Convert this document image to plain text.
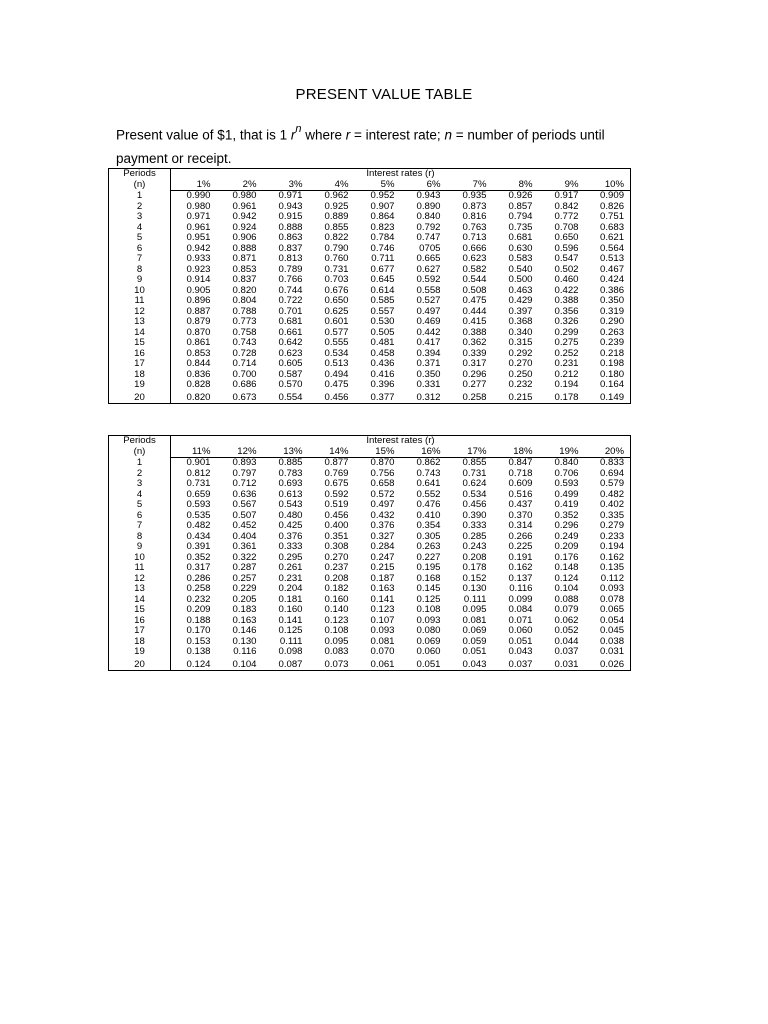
PRESENT VALUE TABLE
Present value of $1, that is 1 $r^n$ where r = interest rate; n = number of periods until
payment or receipt.
Periods	Interest rates (r)									
(n)	1%	2%	3%	4%	5%	6%	7%	8%	9%	10%
1	0.990	0.980	0.971	0.962	0.952	0.943	0.935	0.926	0.917	0.909
2	0.980	0.961	0.943	0.925	0.907	0.890	0.873	0.857	0.842	0.826
3	0.971	0.942	0.915	0.889	0.864	0.840	0.816	0.794	0.772	0.751
4	0.961	0.924	0.888	0.855	0.823	0.792	0.763	0.735	0.708	0.683
5	0.951	0.906	0.863	0.822	0.784	0.747	0.713	0.681	0.650	0.621
6	0.942	0.888	0.837	0.790	0.746	0705	0.666	0.630	0.596	0.564
7	0.933	0.871	0.813	0.760	0.711	0.665	0.623	0.583	0.547	0.513
8	0.923	0.853	0.789	0.731	0.677	0.627	0.582	0.540	0.502	0.467
9	0.914	0.837	0.766	0.703	0.645	0.592	0.544	0.500	0.460	0.424
10	0.905	0.820	0.744	0.676	0.614	0.558	0.508	0.463	0.422	0.386
11	0.896	0.804	0.722	0.650	0.585	0.527	0.475	0.429	0.388	0.350
12	0.887	0.788	0.701	0.625	0.557	0.497	0.444	0.397	0.356	0.319
13	0.879	0.773	0.681	0.601	0.530	0.469	0.415	0.368	0.326	0.290
14	0.870	0.758	0.661	0.577	0.505	0.442	0.388	0.340	0.299	0.263
15	0.861	0.743	0.642	0.555	0.481	0.417	0.362	0.315	0.275	0.239
16	0.853	0.728	0.623	0.534	0.458	0.394	0.339	0.292	0.252	0.218
17	0.844	0.714	0.605	0.513	0.436	0.371	0.317	0.270	0.231	0.198
18	0.836	0.700	0.587	0.494	0.416	0.350	0.296	0.250	0.212	0.180
19	0.828	0.686	0.570	0.475	0.396	0.331	0.277	0.232	0.194	0.164
20	0.820	0.673	0.554	0.456	0.377	0.312	0.258	0.215	0.178	0.149
Periods	Interest rates (r)									
(n)	11%	12%	13%	14%	15%	16%	17%	18%	19%	20%
1	0.901	0.893	0.885	0.877	0.870	0.862	0.855	0.847	0.840	0.833
2	0.812	0.797	0.783	0.769	0.756	0.743	0.731	0.718	0.706	0.694
3	0.731	0.712	0.693	0.675	0.658	0.641	0.624	0.609	0.593	0.579
4	0.659	0.636	0.613	0.592	0.572	0.552	0.534	0.516	0.499	0.482
5	0.593	0.567	0.543	0.519	0.497	0.476	0.456	0.437	0.419	0.402
6	0.535	0.507	0.480	0.456	0.432	0.410	0.390	0.370	0.352	0.335
7	0.482	0.452	0.425	0.400	0.376	0.354	0.333	0.314	0.296	0.279
8	0.434	0.404	0.376	0.351	0.327	0.305	0.285	0.266	0.249	0.233
9	0.391	0.361	0.333	0.308	0.284	0.263	0.243	0.225	0.209	0.194
10	0.352	0.322	0.295	0.270	0.247	0.227	0.208	0.191	0.176	0.162
11	0.317	0.287	0.261	0.237	0.215	0.195	0.178	0.162	0.148	0.135
12	0.286	0.257	0.231	0.208	0.187	0.168	0.152	0.137	0.124	0.112
13	0.258	0.229	0.204	0.182	0.163	0.145	0.130	0.116	0.104	0.093
14	0.232	0.205	0.181	0.160	0.141	0.125	0.111	0.099	0.088	0.078
15	0.209	0.183	0.160	0.140	0.123	0.108	0.095	0.084	0.079	0.065
16	0.188	0.163	0.141	0.123	0.107	0.093	0.081	0.071	0.062	0.054
17	0.170	0.146	0.125	0.108	0.093	0.080	0.069	0.060	0.052	0.045
18	0.153	0.130	0.111	0.095	0.081	0.069	0.059	0.051	0.044	0.038
19	0.138	0.116	0.098	0.083	0.070	0.060	0.051	0.043	0.037	0.031
20	0.124	0.104	0.087	0.073	0.061	0.051	0.043	0.037	0.031	0.026
